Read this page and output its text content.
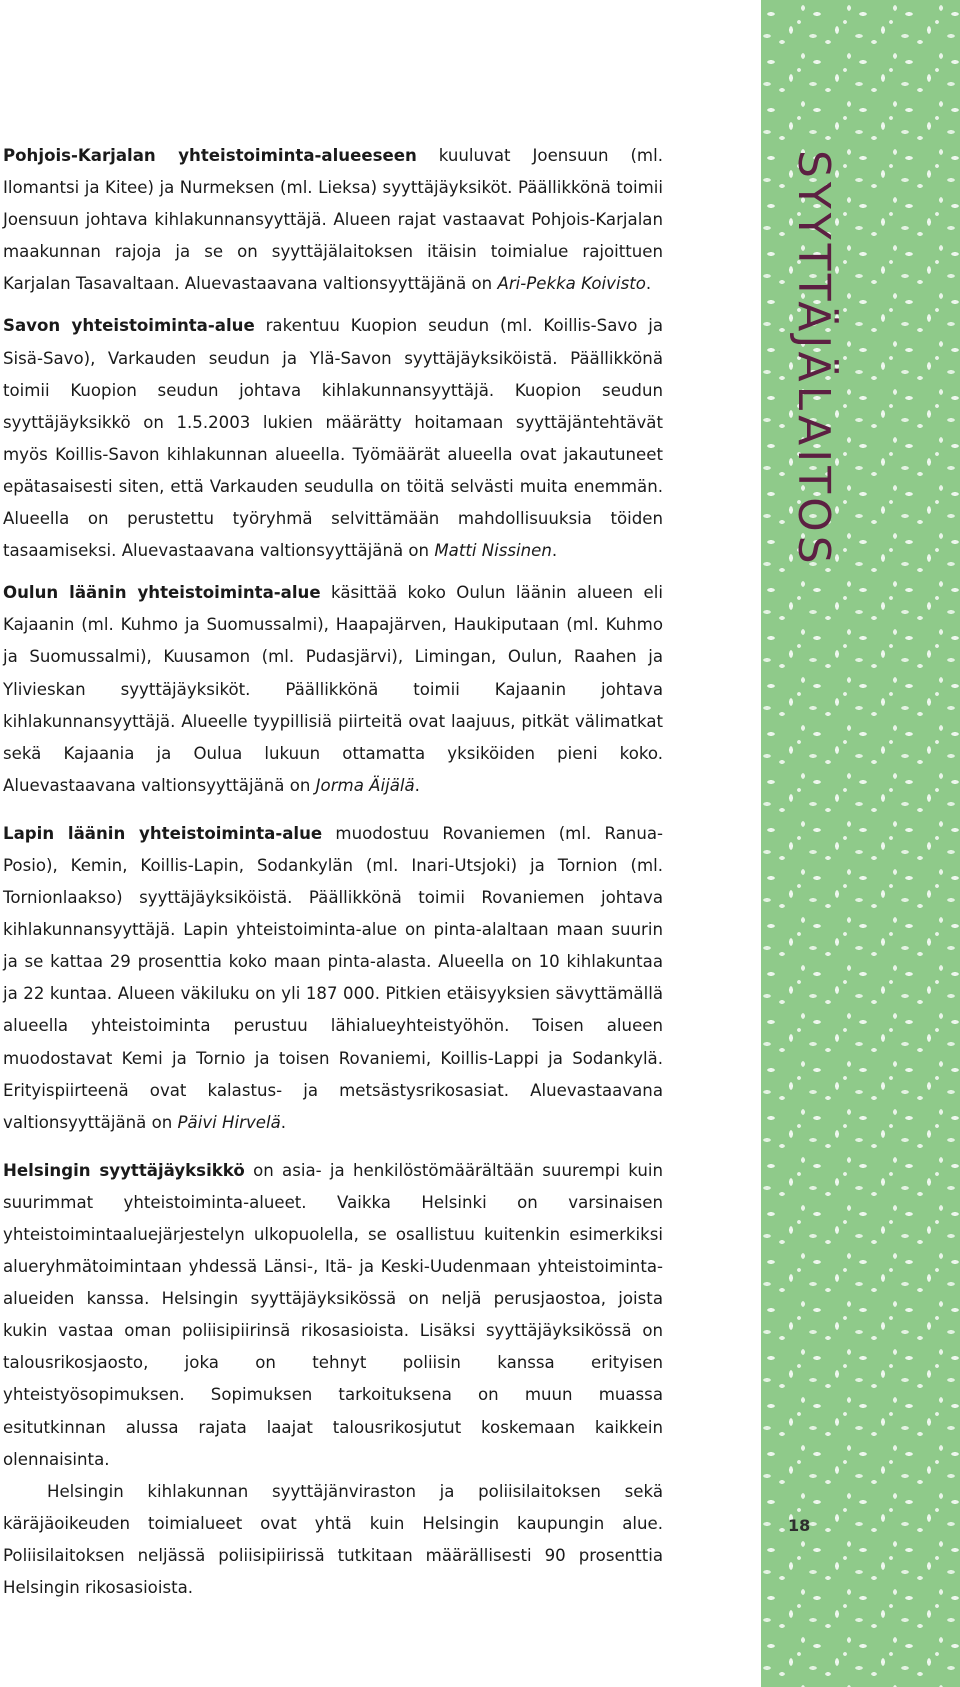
SYYTTÄJÄLAITOS
18

Pohjois-Karjalan yhteistoiminta-alueeseen kuuluvat Joensuun (ml. Ilomantsi ja Kitee) ja Nurmeksen (ml. Lieksa) syyttäjäyksiköt. Päällikkönä toimii Joensuun johtava kihlakunnansyyttäjä. Alueen rajat vastaavat Pohjois-Karjalan maakunnan rajoja ja se on syyttäjälaitoksen itäisin toimialue rajoittuen Karjalan Tasavaltaan. Aluevastaavana valtionsyyttäjänä on Ari-Pekka Koivisto.

Savon yhteistoiminta-alue rakentuu Kuopion seudun (ml. Koillis-Savo ja Sisä-Savo), Varkauden seudun ja Ylä-Savon syyttäjäyksiköistä. Päällikkönä toimii Kuopion seudun johtava kihlakunnansyyttäjä. Kuopion seudun syyttäjäyksikkö on 1.5.2003 lukien määrätty hoitamaan syyttäjäntehtävät myös Koillis-Savon kihlakunnan alueella. Työmäärät alueella ovat jakautuneet epätasaisesti siten, että Varkauden seudulla on töitä selvästi muita enemmän. Alueella on perustettu työryhmä selvittämään mahdollisuuksia töiden tasaamiseksi. Aluevastaavana valtionsyyttäjänä on Matti Nissinen.

Oulun läänin yhteistoiminta-alue käsittää koko Oulun läänin alueen eli Kajaanin (ml. Kuhmo ja Suomussalmi), Haapajärven, Haukiputaan (ml. Kuhmo ja Suomussalmi), Kuusamon (ml. Pudasjärvi), Limingan, Oulun, Raahen ja Ylivieskan syyttäjäyksiköt. Päällikkönä toimii Kajaanin johtava kihlakunnansyyttäjä. Alueelle tyypillisiä piirteitä ovat laajuus, pitkät välimatkat sekä Kajaania ja Oulua lukuun ottamatta yksiköiden pieni koko. Aluevastaavana valtionsyyttäjänä on Jorma Äijälä.

Lapin läänin yhteistoiminta-alue muodostuu Rovaniemen (ml. Ranua-Posio), Kemin, Koillis-Lapin, Sodankylän (ml. Inari-Utsjoki) ja Tornion (ml. Tornionlaakso) syyttäjäyksiköistä. Päällikkönä toimii Rovaniemen johtava kihlakunnansyyttäjä. Lapin yhteistoiminta-alue on pinta-alaltaan maan suurin ja se kattaa 29 prosenttia koko maan pinta-alasta. Alueella on 10 kihlakuntaa ja 22 kuntaa. Alueen väkiluku on yli 187 000. Pitkien etäisyyksien sävyttämällä alueella yhteistoiminta perustuu lähialueyhteistyöhön. Toisen alueen muodostavat Kemi ja Tornio ja toisen Rovaniemi, Koillis-Lappi ja Sodankylä. Erityispiirteenä ovat kalastus- ja metsästysrikosasiat. Aluevastaavana valtionsyyttäjänä on Päivi Hirvelä.

Helsingin syyttäjäyksikkö on asia- ja henkilöstömäärältään suurempi kuin suurimmat yhteistoiminta-alueet. Vaikka Helsinki on varsinaisen yhteistoimintaaluejärjestelyn ulkopuolella, se osallistuu kuitenkin esimerkiksi alueryhmätoimintaan yhdessä Länsi-, Itä- ja Keski-Uudenmaan yhteistoiminta-alueiden kanssa. Helsingin syyttäjäyksikössä on neljä perusjaostoa, joista kukin vastaa oman poliisipiirinsä rikosasioista. Lisäksi syyttäjäyksikössä on talousrikosjaosto, joka on tehnyt poliisin kanssa erityisen yhteistyösopimuksen. Sopimuksen tarkoituksena on muun muassa esitutkinnan alussa rajata laajat talousrikosjutut koskemaan kaikkein olennaisinta.

Helsingin kihlakunnan syyttäjänviraston ja poliisilaitoksen sekä käräjäoikeuden toimialueet ovat yhtä kuin Helsingin kaupungin alue. Poliisilaitoksen neljässä poliisipiirissä tutkitaan määrällisesti 90 prosenttia Helsingin rikosasioista.
